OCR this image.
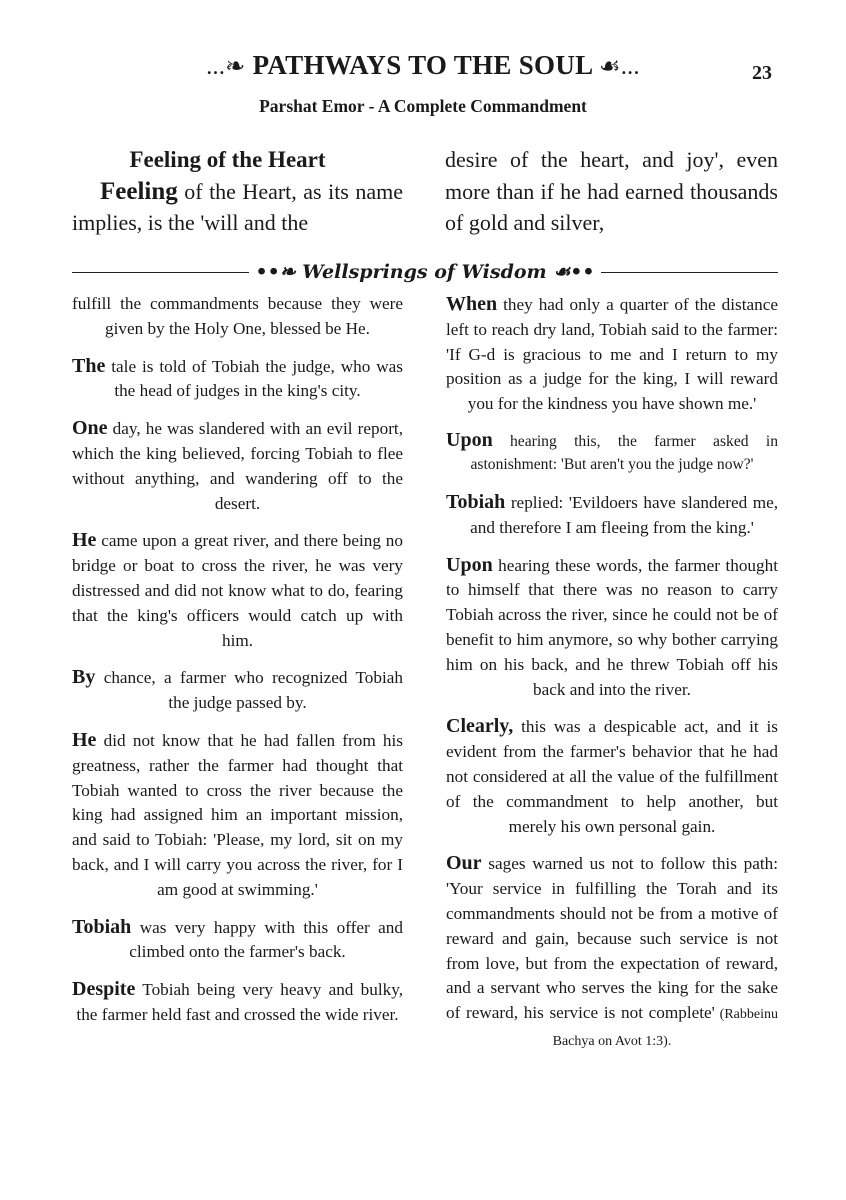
...❧ PATHWAYS TO THE SOUL ☙...	23
Parshat Emor - A Complete Commandment
Feeling of the Heart
Feeling of the Heart, as its name implies, is the 'will and the
desire of the heart, and joy', even more than if he had earned thousands of gold and silver,
••❧ Wellsprings of Wisdom ☙••

fulfill the commandments because they were given by the Holy One, blessed be He.

The tale is told of Tobiah the judge, who was the head of judges in the king's city.

One day, he was slandered with an evil report, which the king believed, forcing Tobiah to flee without anything, and wandering off to the desert.

He came upon a great river, and there being no bridge or boat to cross the river, he was very distressed and did not know what to do, fearing that the king's officers would catch up with him.

By chance, a farmer who recognized Tobiah the judge passed by.

He did not know that he had fallen from his greatness, rather the farmer had thought that Tobiah wanted to cross the river because the king had assigned him an important mission, and said to Tobiah: 'Please, my lord, sit on my back, and I will carry you across the river, for I am good at swimming.'

Tobiah was very happy with this offer and climbed onto the farmer's back.

Despite Tobiah being very heavy and bulky, the farmer held fast and crossed the wide river.

When they had only a quarter of the distance left to reach dry land, Tobiah said to the farmer: 'If G-d is gracious to me and I return to my position as a judge for the king, I will reward you for the kindness you have shown me.'

Upon hearing this, the farmer asked in astonishment: 'But aren't you the judge now?'

Tobiah replied: 'Evildoers have slandered me, and therefore I am fleeing from the king.'

Upon hearing these words, the farmer thought to himself that there was no reason to carry Tobiah across the river, since he could not be of benefit to him anymore, so why bother carrying him on his back, and he threw Tobiah off his back and into the river.

Clearly, this was a despicable act, and it is evident from the farmer's behavior that he had not considered at all the value of the fulfillment of the commandment to help another, but merely his own personal gain.

Our sages warned us not to follow this path: 'Your service in fulfilling the Torah and its commandments should not be from a motive of reward and gain, because such service is not from love, but from the expectation of reward, and a servant who serves the king for the sake of reward, his service is not complete' (Rabbeinu Bachya on Avot 1:3).
